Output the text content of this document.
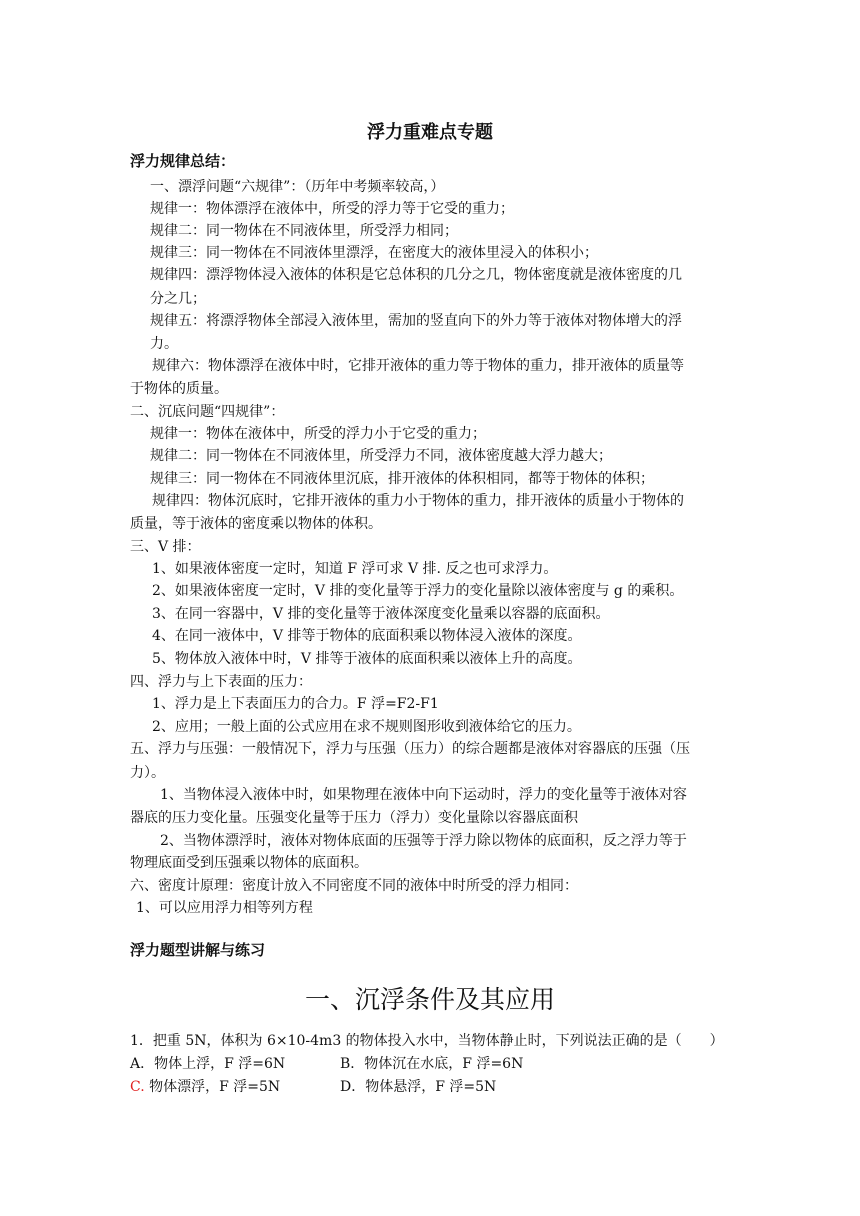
浮力重难点专题
浮力规律总结：
一、漂浮问题“六规律”：（历年中考频率较高，）
规律一：物体漂浮在液体中，所受的浮力等于它受的重力；
规律二：同一物体在不同液体里，所受浮力相同；
规律三：同一物体在不同液体里漂浮，在密度大的液体里浸入的体积小；
规律四：漂浮物体浸入液体的体积是它总体积的几分之几，物体密度就是液体密度的几
分之几；
规律五：将漂浮物体全部浸入液体里，需加的竖直向下的外力等于液体对物体增大的浮
力。
规律六：物体漂浮在液体中时，它排开液体的重力等于物体的重力，排开液体的质量等
于物体的质量。
二、沉底问题“四规律”：
规律一：物体在液体中，所受的浮力小于它受的重力；
规律二：同一物体在不同液体里，所受浮力不同，液体密度越大浮力越大；
规律三：同一物体在不同液体里沉底，排开液体的体积相同，都等于物体的体积；
规律四：物体沉底时，它排开液体的重力小于物体的重力，排开液体的质量小于物体的
质量，等于液体的密度乘以物体的体积。
三、V 排：
1、如果液体密度一定时，知道 F 浮可求 V 排. 反之也可求浮力。
2、如果液体密度一定时，V 排的变化量等于浮力的变化量除以液体密度与 g 的乘积。
3、在同一容器中，V 排的变化量等于液体深度变化量乘以容器的底面积。
4、在同一液体中，V 排等于物体的底面积乘以物体浸入液体的深度。
5、物体放入液体中时，V 排等于液体的底面积乘以液体上升的高度。
四、浮力与上下表面的压力：
1、浮力是上下表面压力的合力。F 浮=F2-F1
2、应用；一般上面的公式应用在求不规则图形收到液体给它的压力。
五、浮力与压强：一般情况下，浮力与压强（压力）的综合题都是液体对容器底的压强（压
力）。
1、当物体浸入液体中时，如果物理在液体中向下运动时，浮力的变化量等于液体对容
器底的压力变化量。压强变化量等于压力（浮力）变化量除以容器底面积
2、当物体漂浮时，液体对物体底面的压强等于浮力除以物体的底面积，反之浮力等于
物理底面受到压强乘以物体的底面积。
六、密度计原理：密度计放入不同密度不同的液体中时所受的浮力相同：
1、可以应用浮力相等列方程
浮力题型讲解与练习
一、沉浮条件及其应用
1．把重 5N，体积为 6×10-4m3 的物体投入水中，当物体静止时，下列说法正确的是（　　）
A．物体上浮，F 浮=6N	B．物体沉在水底，F 浮=6N
C. 物体漂浮，F 浮=5N	D．物体悬浮，F 浮=5N
